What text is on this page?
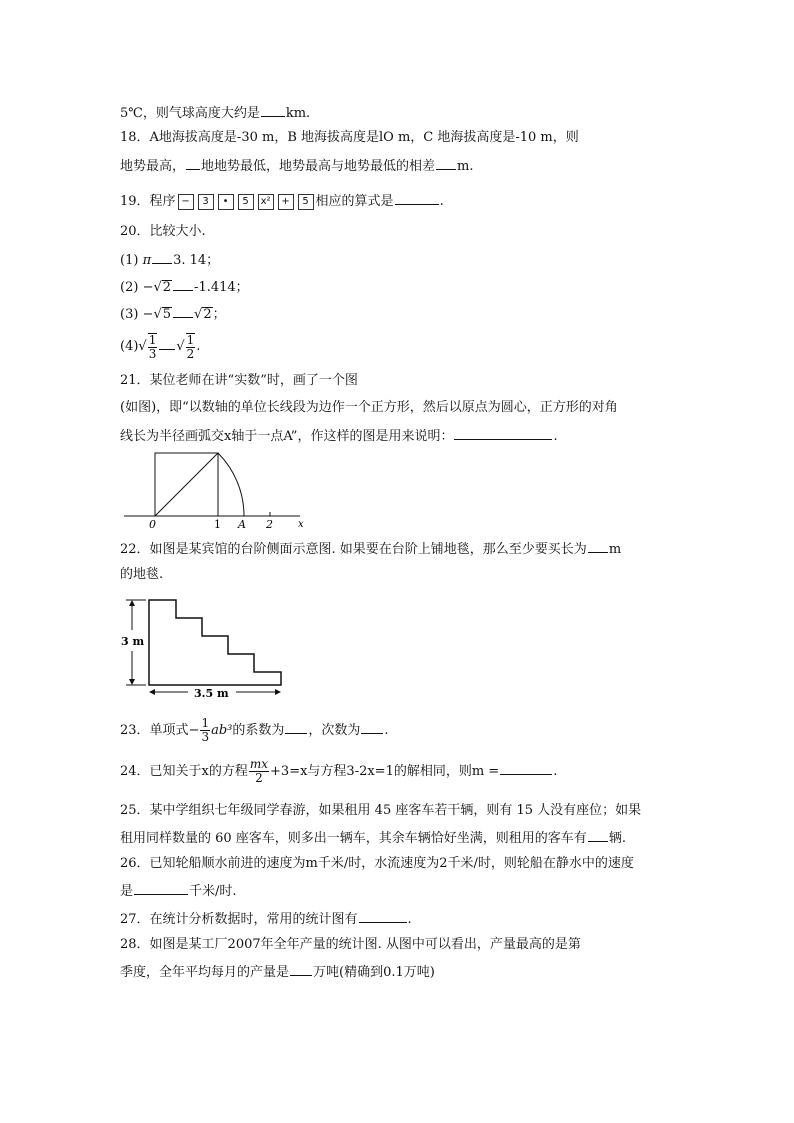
5℃，则气球高度大约是 km.
18．A地海拔高度是-30 m，B 地海拔高度是lO m，C 地海拔高度是-10 m，则
地势最高， 地地势最低，地势最高与地势最低的相差 m.
19．程序 − 3 • 5 x² + 5 相应的算式是	.
20．比较大小.
(1) π 3. 14；
(2) −√2 -1.414；
(3) −√5 √2；
$(4)√ \frac{1}{3}$ √ $\frac{1}{2}$ .
21．某位老师在讲“实数”时，画了一个图
(如图)，即“以数轴的单位长线段为边作一个正方形，然后以原点为圆心，正方形的对角
线长为半径画弧交x轴于一点A”，作这样的图是用来说明：	.
0	1 A 2	x
22．如图是某宾馆的台阶侧面示意图. 如果要在台阶上铺地毯，那么至少要买长为 m
的地毯.
3 m
3.5 m
23．单项式− $\frac{1}{3} ab^3$的系数为 ，次数为 .
24．已知关于x的方程 $\frac{mx}{2} +3=x$与方程3-2x=1的解相同，则m =	.
25．某中学组织七年级同学春游，如果租用 45 座客车若干辆，则有 15 人没有座位；如果
租用同样数量的 60 座客车，则多出一辆车，其余车辆恰好坐满，则租用的客车有 辆.
26．已知轮船顺水前进的速度为m千米/时，水流速度为2千米/时，则轮船在静水中的速度
是	千米/时.
27．在统计分析数据时，常用的统计图有	.
28．如图是某工厂2007年全年产量的统计图. 从图中可以看出，产量最高的是第
季度，全年平均每月的产量是 万吨(精确到0.1万吨)
